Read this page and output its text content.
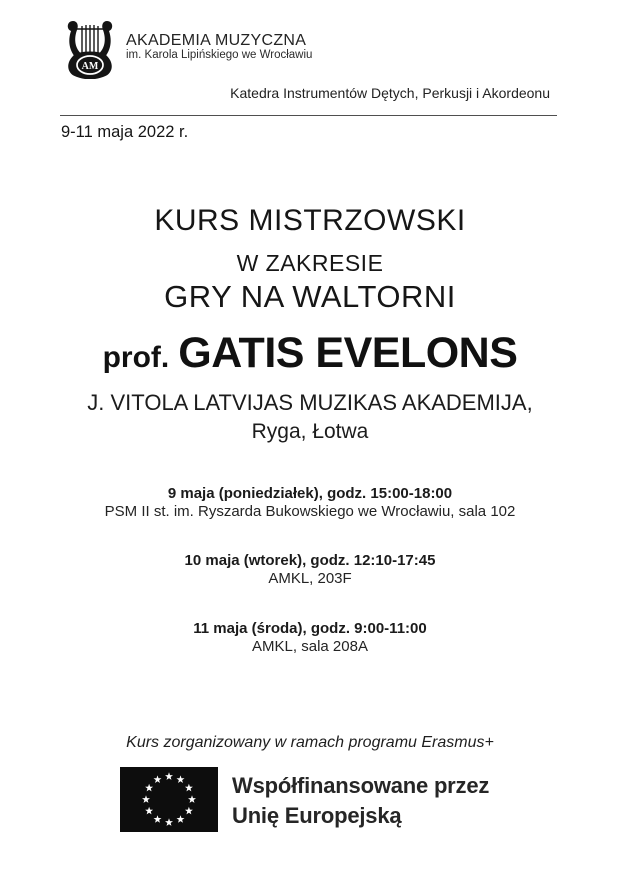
AM
AKADEMIA MUZYCZNA
im. Karola Lipińskiego we Wrocławiu
Katedra Instrumentów Dętych, Perkusji i Akordeonu
9-11 maja 2022 r.
KURS MISTRZOWSKI
W ZAKRESIE
GRY NA WALTORNI
prof. GATIS EVELONS
J. VITOLA LATVIJAS MUZIKAS AKADEMIJA,
Ryga, Łotwa
9 maja (poniedziałek), godz. 15:00-18:00
PSM II st. im. Ryszarda Bukowskiego we Wrocławiu, sala 102
10 maja (wtorek), godz. 12:10-17:45
AMKL, 203F
11 maja (środa), godz. 9:00-11:00
AMKL, sala 208A
Kurs zorganizowany w ramach programu Erasmus+
Współfinansowane przez
Unię Europejską
